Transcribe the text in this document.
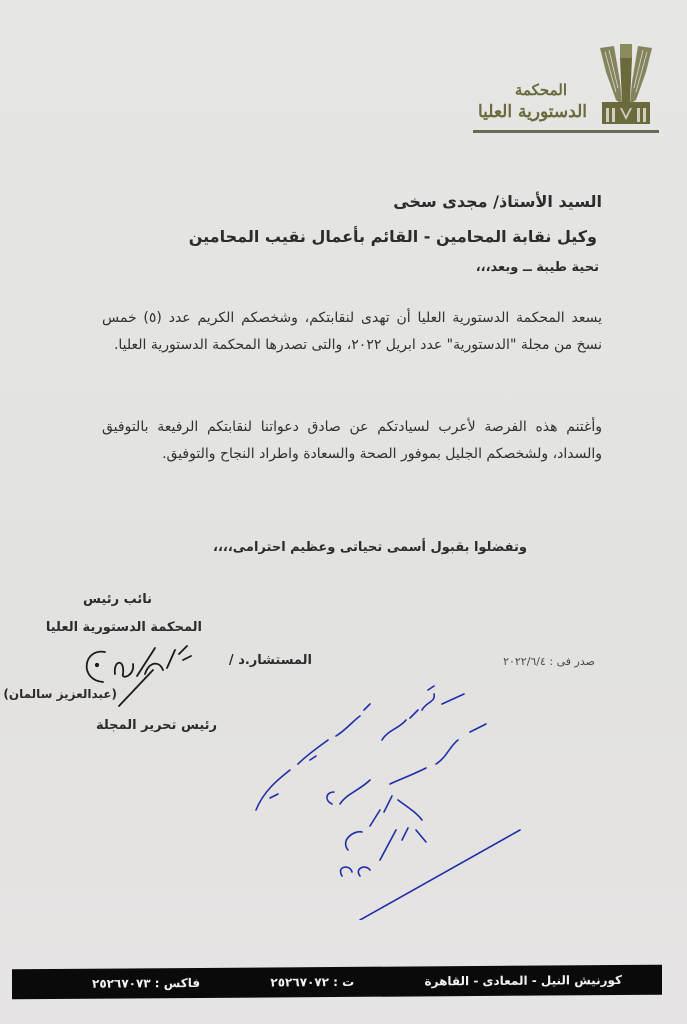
المحكمة
الدستورية العليا
السيد الأستاذ/ مجدى سخى
وكيل نقابة المحامين - القائم بأعمال نقيب المحامين
تحية طيبة ــ وبعد،،،
يسعد المحكمة الدستورية العليا أن تهدى لنقابتكم، وشخصكم الكريم عدد (٥) خمس نسخ من مجلة "الدستورية" عدد ابريل ٢٠٢٢، والتى تصدرها المحكمة الدستورية العليا.
وأغتنم هذه الفرصة لأعرب لسيادتكم عن صادق دعواتنا لنقابتكم الرفيعة بالتوفيق والسداد، ولشخصكم الجليل بموفور الصحة والسعادة واطراد النجاح والتوفيق.
وتفضلوا بقبول أسمى تحياتى وعظيم احترامى،،،،
نائب رئيس
المحكمة الدستورية العليا
المستشار.د /
(عبدالعزيز سالمان)
رئيس تحرير المجلة
صدر فى : ٢٠٢٢/٦/٤
كورنيش النيل - المعادى - القاهرة
ت : ٢٥٢٦٧٠٧٢
فاكس : ٢٥٢٦٧٠٧٣
